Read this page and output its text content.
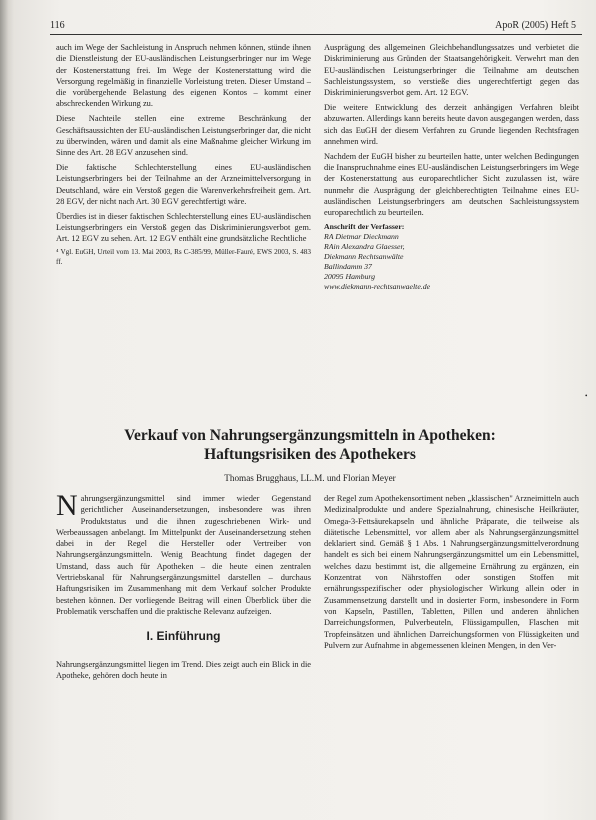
116	ApoR (2005) Heft 5

auch im Wege der Sachleistung in Anspruch nehmen können, stünde ihnen die Dienstleistung der EU-ausländischen Leistungserbringer nur im Wege der Kostenerstattung frei. Im Wege der Kostenerstattung wird die Versorgung regelmäßig in finanzielle Vorleistung treten. Dieser Umstand – die vorübergehende Belastung des eigenen Kontos – kommt einer abschreckenden Wirkung zu.

Diese Nachteile stellen eine extreme Beschränkung der Geschäftsaussichten der EU-ausländischen Leistungserbringer dar, die nicht zu überwinden, wären und damit als eine Maßnahme gleicher Wirkung im Sinne des Art. 28 EGV anzusehen sind.

Die faktische Schlechterstellung eines EU-ausländischen Leistungserbringers bei der Teilnahme an der Arzneimittelversorgung in Deutschland, wäre ein Verstoß gegen die Warenverkehrsfreiheit gem. Art. 28 EGV, der nicht nach Art. 30 EGV gerechtfertigt wäre.

Überdies ist in dieser faktischen Schlechterstellung eines EU-ausländischen Leistungserbringers ein Verstoß gegen das Diskriminierungsverbot gem. Art. 12 EGV zu sehen. Art. 12 EGV enthält eine grundsätzliche Rechtliche

⁴ Vgl. EuGH, Urteil vom 13. Mai 2003, Rs C-385/99, Müller-Fauré, EWS 2003, S. 483 ff.

Ausprägung des allgemeinen Gleichbehandlungssatzes und verbietet die Diskriminierung aus Gründen der Staatsangehörigkeit. Verwehrt man den EU-ausländischen Leistungserbringer die Teilnahme am deutschen Sachleistungssystem, so verstieße dies ungerechtfertigt gegen das Diskriminierungsverbot gem. Art. 12 EGV.

Die weitere Entwicklung des derzeit anhängigen Verfahren bleibt abzuwarten. Allerdings kann bereits heute davon ausgegangen werden, dass sich das EuGH der diesem Verfahren zu Grunde liegenden Rechtsfragen annehmen wird.

Nachdem der EuGH bisher zu beurteilen hatte, unter welchen Bedingungen die Inanspruchnahme eines EU-ausländischen Leistungserbringers im Wege der Kostenerstattung aus europarechtlicher Sicht zuzulassen ist, wäre nunmehr die Ausprägung der gleichberechtigten Teilnahme eines EU-ausländischen Leistungserbringers am deutschen Sachleistungssystem europarechtlich zu beurteilen.

Anschrift der Verfasser:
RA Dietmar Dieckmann
RAin Alexandra Glaesser,
Diekmann Rechtsanwälte
Ballindamm 37
20095 Hamburg
www.diekmann-rechtsanwaelte.de
•
Verkauf von Nahrungsergänzungsmitteln in Apotheken:
Haftungsrisiken des Apothekers
Thomas Brugghaus, LL.M. und Florian Meyer

Nahrungsergänzungsmittel sind immer wieder Gegenstand gerichtlicher Auseinandersetzungen, insbesondere was ihren Produktstatus und die ihnen zugeschriebenen Wirk- und Werbeaussagen anbelangt. Im Mittelpunkt der Auseinandersetzung stehen dabei in der Regel die Hersteller oder Vertreiber von Nahrungsergänzungsmitteln. Wenig Beachtung findet dagegen der Umstand, dass auch für Apotheken – die heute einen zentralen Vertriebskanal für Nahrungsergänzungsmittel darstellen – durchaus Haftungsrisiken im Zusammenhang mit dem Verkauf solcher Produkte bestehen können. Der vorliegende Beitrag will einen Überblick über die Problematik verschaffen und die praktische Relevanz aufzeigen.

I. Einführung

Nahrungsergänzungsmittel liegen im Trend. Dies zeigt auch ein Blick in die Apotheke, gehören doch heute in

der Regel zum Apothekensortiment neben „klassischen" Arzneimitteln auch Medizinalprodukte und andere Spezialnahrung, chinesische Heilkräuter, Omega-3-Fettsäurekapseln und ähnliche Präparate, die teilweise als diätetische Lebensmittel, vor allem aber als Nahrungsergänzungsmittel deklariert sind. Gemäß § 1 Abs. 1 Nahrungsergänzungsmittelverordnung handelt es sich bei einem Nahrungsergänzungsmittel um ein Lebensmittel, welches dazu bestimmt ist, die allgemeine Ernährung zu ergänzen, ein Konzentrat von Nährstoffen oder sonstigen Stoffen mit ernährungsspezifischer oder physiologischer Wirkung allein oder in Zusammensetzung darstellt und in dosierter Form, insbesondere in Form von Kapseln, Pastillen, Tabletten, Pillen und anderen ähnlichen Darreichungsformen, Pulverbeuteln, Flüssigampullen, Flaschen mit Tropfeinsätzen und ähnlichen Darreichungsformen von Flüssigkeiten und Pulvern zur Aufnahme in abgemessenen kleinen Mengen, in den Ver-
